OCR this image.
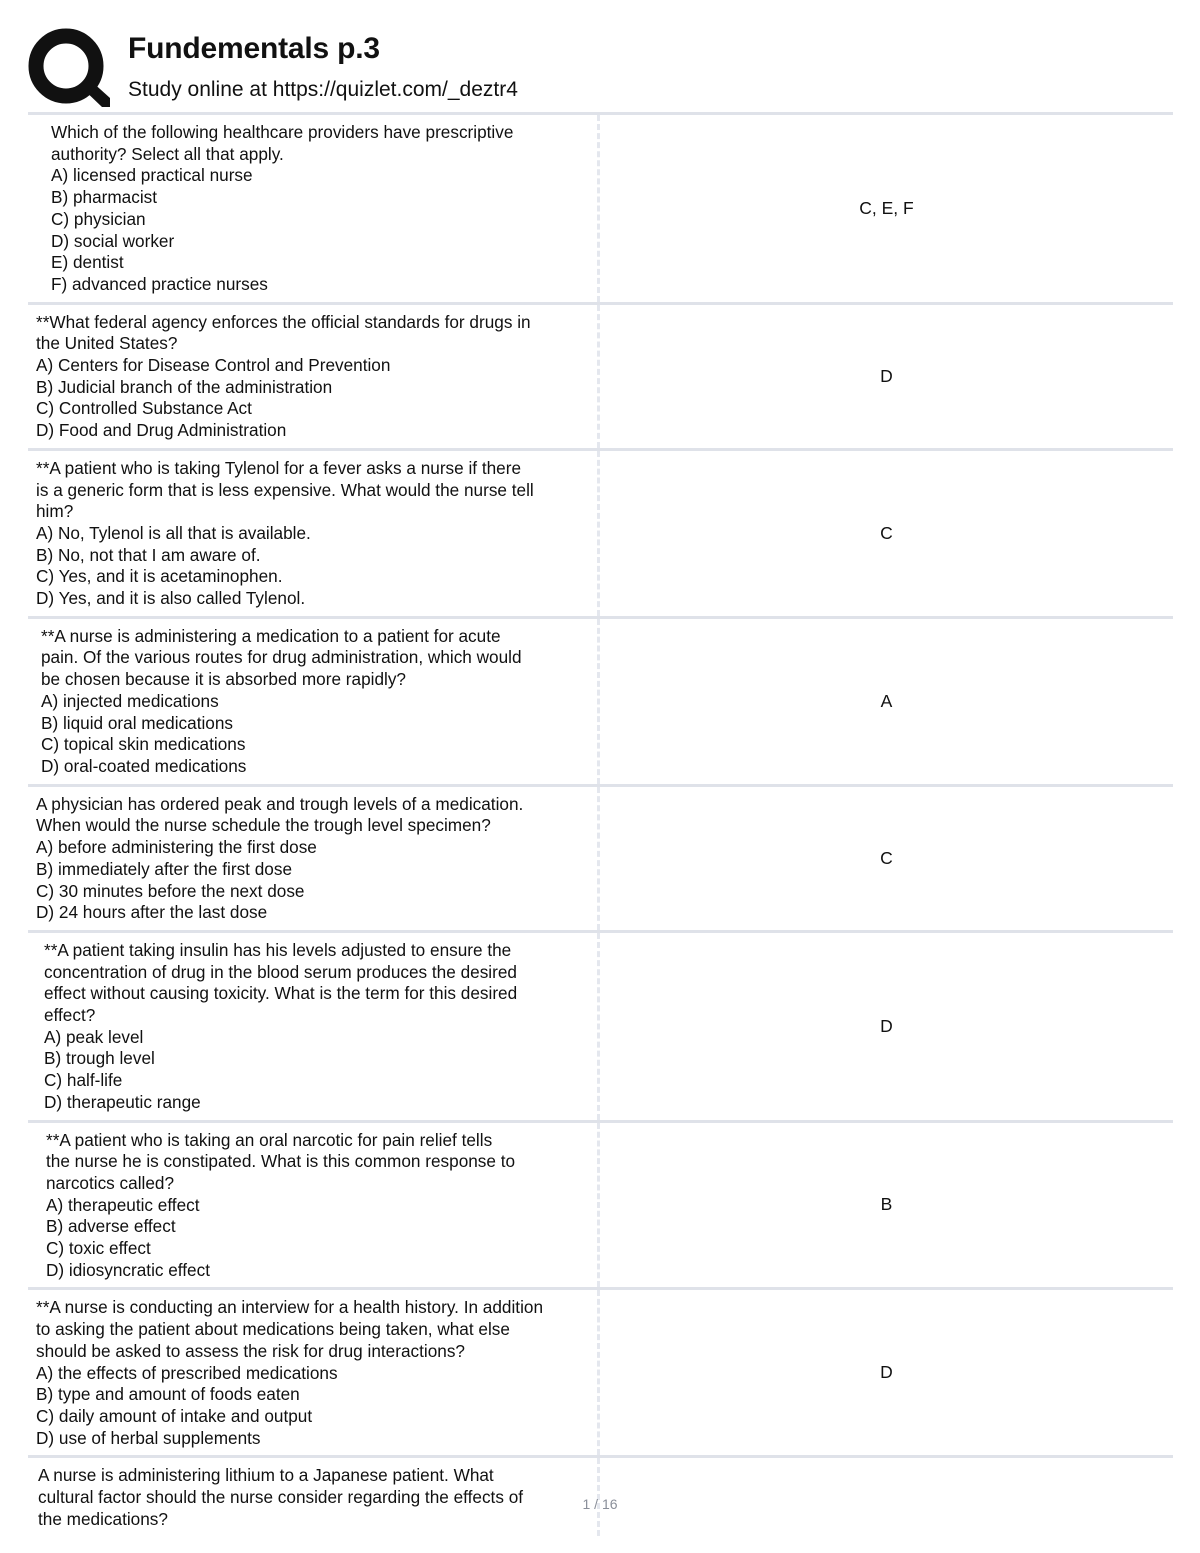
Fundementals p.3
Study online at https://quizlet.com/_deztr4
Which of the following healthcare providers have prescriptive
authority? Select all that apply.
A) licensed practical nurse
B) pharmacist
C) physician
D) social worker
E) dentist
F) advanced practice nurses
C, E, F
**What federal agency enforces the official standards for drugs in
the United States?
A) Centers for Disease Control and Prevention
B) Judicial branch of the administration
C) Controlled Substance Act
D) Food and Drug Administration
D
**A patient who is taking Tylenol for a fever asks a nurse if there
is a generic form that is less expensive. What would the nurse tell
him?
A) No, Tylenol is all that is available.
B) No, not that I am aware of.
C) Yes, and it is acetaminophen.
D) Yes, and it is also called Tylenol.
C
**A nurse is administering a medication to a patient for acute
pain. Of the various routes for drug administration, which would
be chosen because it is absorbed more rapidly?
A) injected medications
B) liquid oral medications
C) topical skin medications
D) oral-coated medications
A
A physician has ordered peak and trough levels of a medication.
When would the nurse schedule the trough level specimen?
A) before administering the first dose
B) immediately after the first dose
C) 30 minutes before the next dose
D) 24 hours after the last dose
C
**A patient taking insulin has his levels adjusted to ensure the
concentration of drug in the blood serum produces the desired
effect without causing toxicity. What is the term for this desired
effect?
A) peak level
B) trough level
C) half-life
D) therapeutic range
D
**A patient who is taking an oral narcotic for pain relief tells
the nurse he is constipated. What is this common response to
narcotics called?
A) therapeutic effect
B) adverse effect
C) toxic effect
D) idiosyncratic effect
B
**A nurse is conducting an interview for a health history. In addition
to asking the patient about medications being taken, what else
should be asked to assess the risk for drug interactions?
A) the effects of prescribed medications
B) type and amount of foods eaten
C) daily amount of intake and output
D) use of herbal supplements
D
A nurse is administering lithium to a Japanese patient. What
cultural factor should the nurse consider regarding the effects of
the medications?
1 / 16
